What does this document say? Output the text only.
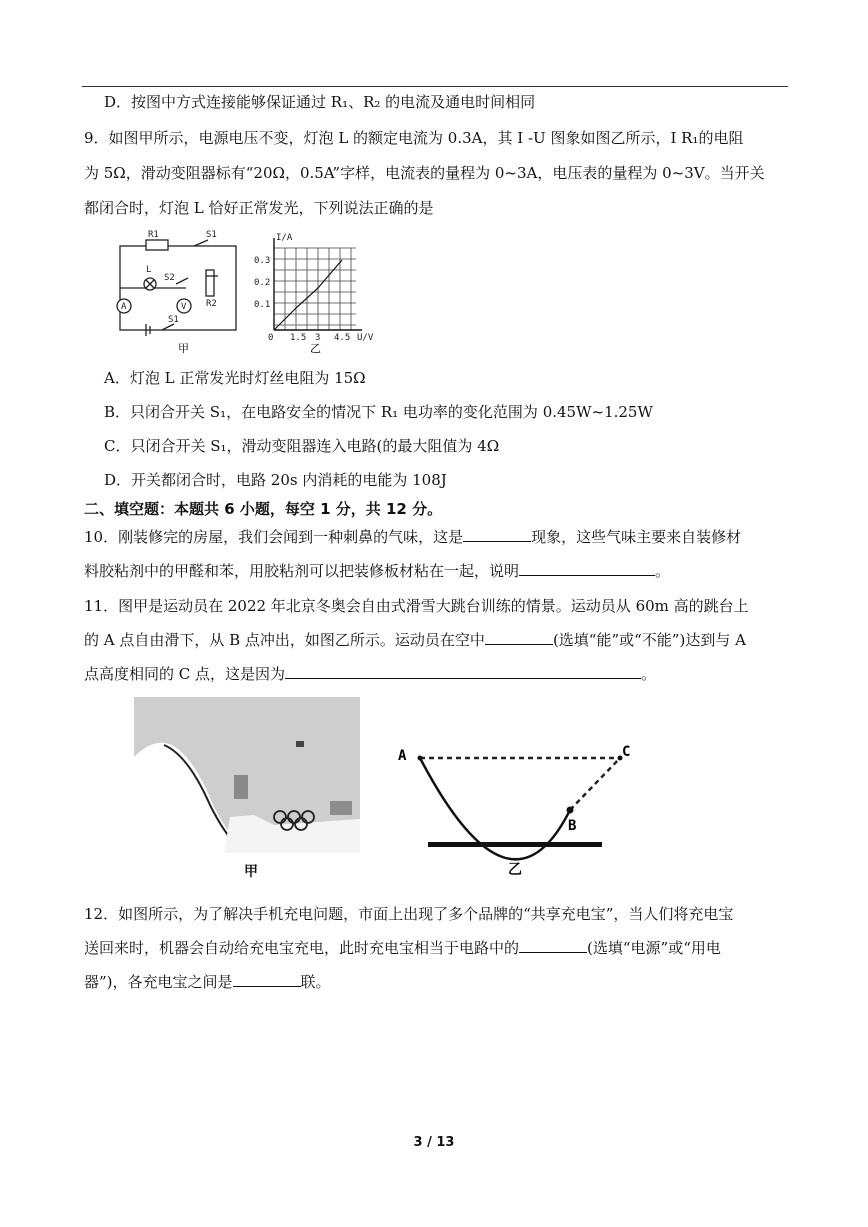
D．按图中方式连接能够保证通过 R₁、R₂ 的电流及通电时间相同
9．如图甲所示，电源电压不变，灯泡 L 的额定电流为 0.3A，其 I -U 图象如图乙所示，I R₁的电阻
为 5Ω，滑动变阻器标有“20Ω，0.5A”字样，电流表的量程为 0~3A，电压表的量程为 0~3V。当开关
都闭合时，灯泡 L 恰好正常发光，下列说法正确的是
R1	S1
L
S2
R2
A	V
S1
甲
I/A
0.3
0.2
0.1
0 1.5 3 4.5 U/V
乙
A．灯泡 L 正常发光时灯丝电阻为 15Ω
B．只闭合开关 S₁，在电路安全的情况下 R₁ 电功率的变化范围为 0.45W~1.25W
C．只闭合开关 S₁，滑动变阻器连入电路(的最大阻值为 4Ω
D．开关都闭合时，电路 20s 内消耗的电能为 108J
二、填空题：本题共 6 小题，每空 1 分，共 12 分。
10．刚装修完的房屋，我们会闻到一种刺鼻的气味，这是	现象，这些气味主要来自装修材
料胶粘剂中的甲醛和苯，用胶粘剂可以把装修板材粘在一起，说明	。
11．图甲是运动员在 2022 年北京冬奥会自由式滑雪大跳台训练的情景。运动员从 60m 高的跳台上
的 A 点自由滑下，从 B 点冲出，如图乙所示。运动员在空中	(选填“能”或“不能”)达到与 A
点高度相同的 C 点，这是因为	。
甲
A
B
C
乙
12．如图所示，为了解决手机充电问题，市面上出现了多个品牌的“共享充电宝”，当人们将充电宝
送回来时，机器会自动给充电宝充电，此时充电宝相当于电路中的	(选填“电源”或“用电
器”)，各充电宝之间是	联。
3 / 13
